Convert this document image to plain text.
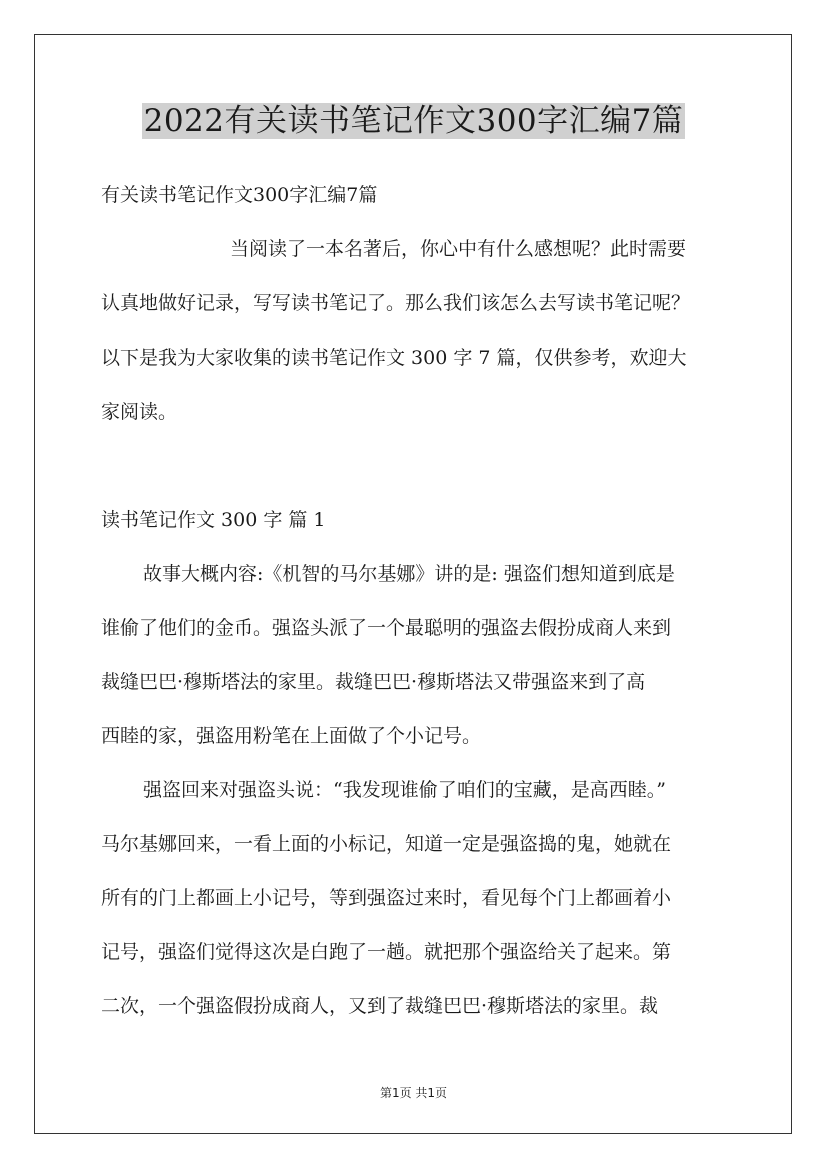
2022有关读书笔记作文300字汇编7篇
有关读书笔记作文300字汇编7篇
当阅读了一本名著后，你心中有什么感想呢？此时需要
认真地做好记录，写写读书笔记了。那么我们该怎么去写读书笔记呢？
以下是我为大家收集的读书笔记作文 300 字 7 篇，仅供参考，欢迎大
家阅读。
读书笔记作文 300 字 篇 1
故事大概内容:《机智的马尔基娜》讲的是: 强盗们想知道到底是
谁偷了他们的金币。强盗头派了一个最聪明的强盗去假扮成商人来到
裁缝巴巴·穆斯塔法的家里。裁缝巴巴·穆斯塔法又带强盗来到了高
西睦的家，强盗用粉笔在上面做了个小记号。
强盗回来对强盗头说：“我发现谁偷了咱们的宝藏，是高西睦。”
马尔基娜回来，一看上面的小标记，知道一定是强盗捣的鬼，她就在
所有的门上都画上小记号，等到强盗过来时，看见每个门上都画着小
记号，强盗们觉得这次是白跑了一趟。就把那个强盗给关了起来。第
二次，一个强盗假扮成商人，又到了裁缝巴巴·穆斯塔法的家里。裁
第1页 共1页
